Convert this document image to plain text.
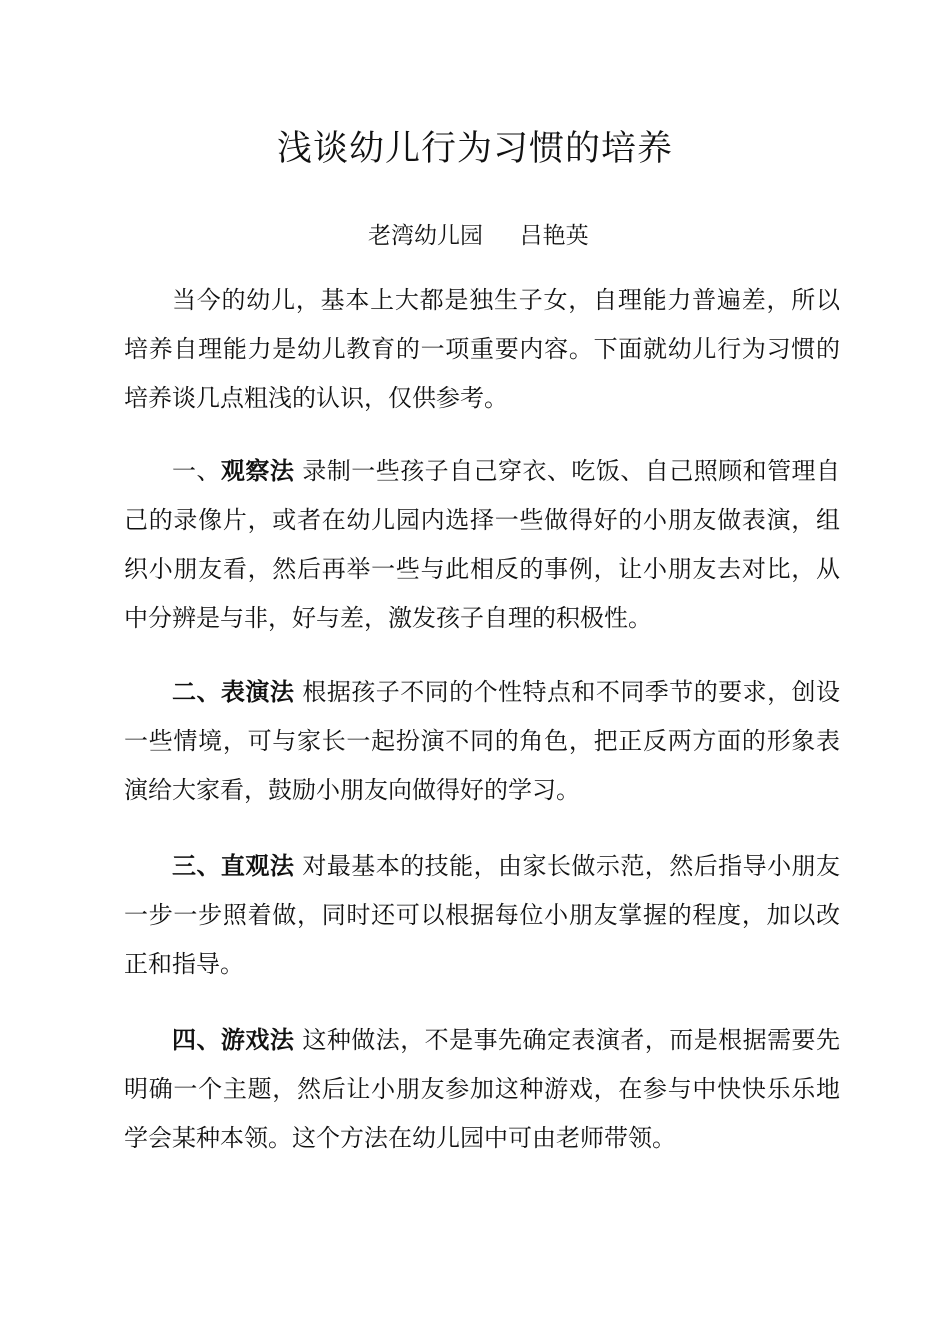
浅谈幼儿行为习惯的培养
老湾幼儿园 吕艳英

当今的幼儿，基本上大都是独生子女，自理能力普遍差，所以培养自理能力是幼儿教育的一项重要内容。下面就幼儿行为习惯的培养谈几点粗浅的认识，仅供参考。

一、观察法 录制一些孩子自己穿衣、吃饭、自己照顾和管理自己的录像片，或者在幼儿园内选择一些做得好的小朋友做表演，组织小朋友看，然后再举一些与此相反的事例，让小朋友去对比，从中分辨是与非，好与差，激发孩子自理的积极性。

二、表演法 根据孩子不同的个性特点和不同季节的要求，创设一些情境，可与家长一起扮演不同的角色，把正反两方面的形象表演给大家看，鼓励小朋友向做得好的学习。

三、直观法 对最基本的技能，由家长做示范，然后指导小朋友一步一步照着做，同时还可以根据每位小朋友掌握的程度，加以改正和指导。

四、游戏法 这种做法，不是事先确定表演者，而是根据需要先明确一个主题，然后让小朋友参加这种游戏，在参与中快快乐乐地学会某种本领。这个方法在幼儿园中可由老师带领。
